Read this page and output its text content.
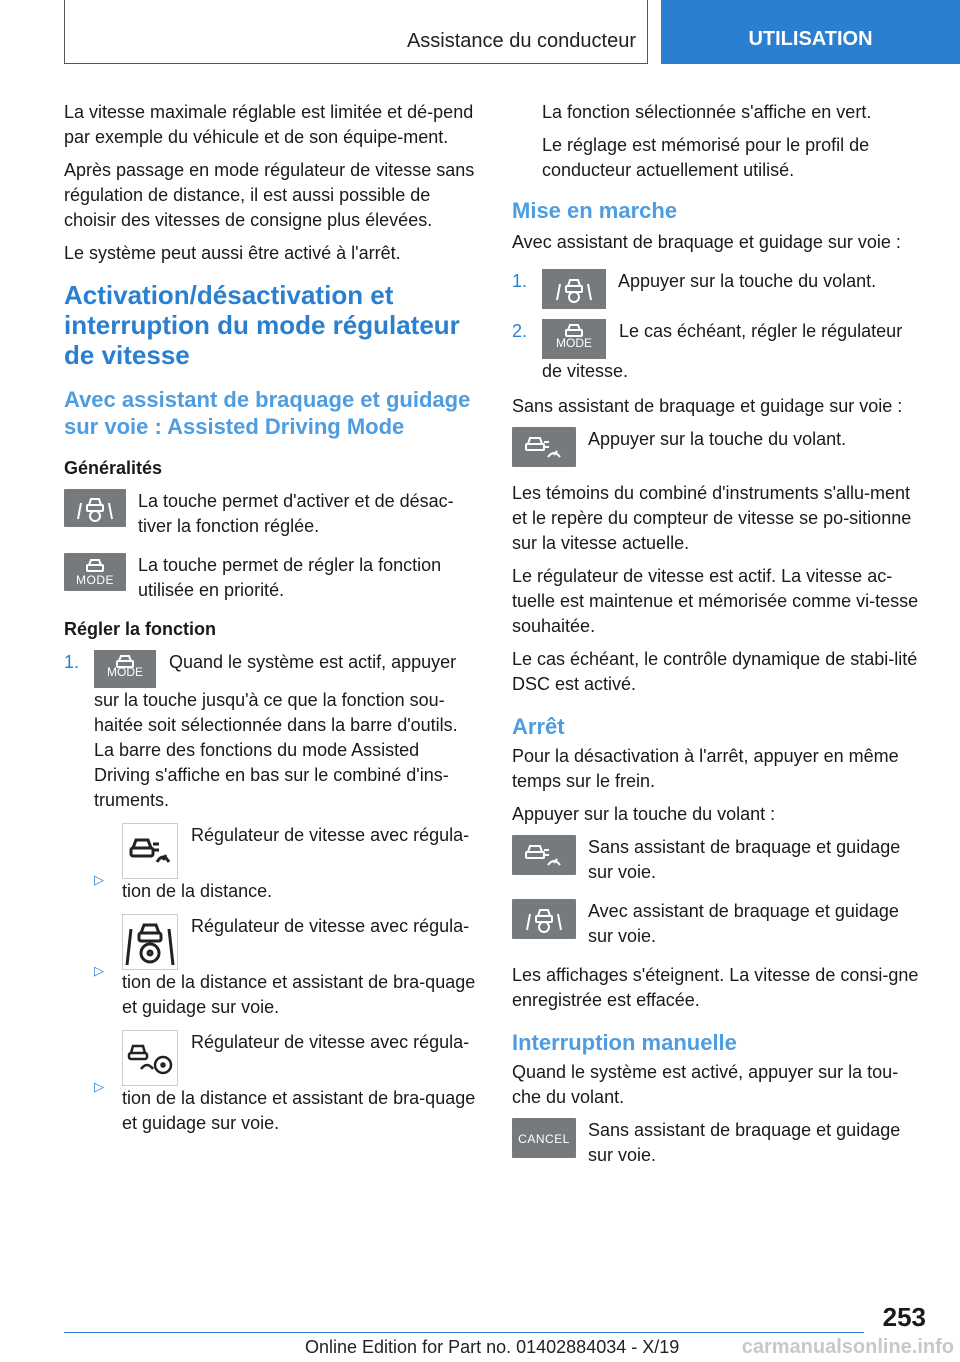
Assistance du conducteur	UTILISATION

La vitesse maximale réglable est limitée et dé-pend par exemple du véhicule et de son équipe-ment.

Après passage en mode régulateur de vitesse sans régulation de distance, il est aussi possible de choisir des vitesses de consigne plus élevées.

Le système peut aussi être activé à l'arrêt.

Activation/désactivation et interruption du mode régulateur de vitesse
Avec assistant de braquage et guidage sur voie : Assisted Driving Mode
Généralités
La touche permet d'activer et de désac-tiver la fonction réglée.
MODE
La touche permet de régler la fonction utilisée en priorité.
Régler la fonction
1.	MODE	Quand le système est actif, appuyer sur la touche jusqu'à ce que la fonction sou-haitée soit sélectionnée dans la barre d'outils. La barre des fonctions du mode Assisted Driving s'affiche en bas sur le combiné d'ins-truments.
▷
Régulateur de vitesse avec régula-tion de la distance.
▷
Régulateur de vitesse avec régula-tion de la distance et assistant de bra-quage et guidage sur voie.
▷
Régulateur de vitesse avec régula-tion de la distance et assistant de bra-quage et guidage sur voie.

La fonction sélectionnée s'affiche en vert.

Le réglage est mémorisé pour le profil de conducteur actuellement utilisé.

Mise en marche

Avec assistant de braquage et guidage sur voie :

1.	Appuyer sur la touche du volant.
2.
MODE
Le cas échéant, régler le régulateur de vitesse.

Sans assistant de braquage et guidage sur voie :

Appuyer sur la touche du volant.

Les témoins du combiné d'instruments s'allu-ment et le repère du compteur de vitesse se po-sitionne sur la vitesse actuelle.

Le régulateur de vitesse est actif. La vitesse ac-tuelle est maintenue et mémorisée comme vi-tesse souhaitée.

Le cas échéant, le contrôle dynamique de stabi-lité DSC est activé.

Arrêt

Pour la désactivation à l'arrêt, appuyer en même temps sur le frein.

Appuyer sur la touche du volant :

Sans assistant de braquage et guidage sur voie.
Avec assistant de braquage et guidage sur voie.

Les affichages s'éteignent. La vitesse de consi-gne enregistrée est effacée.

Interruption manuelle

Quand le système est activé, appuyer sur la tou-che du volant.

CANCEL Sans assistant de braquage et guidage sur voie.
253
Online Edition for Part no. 01402884034 - X/19	carmanualsonline.info
